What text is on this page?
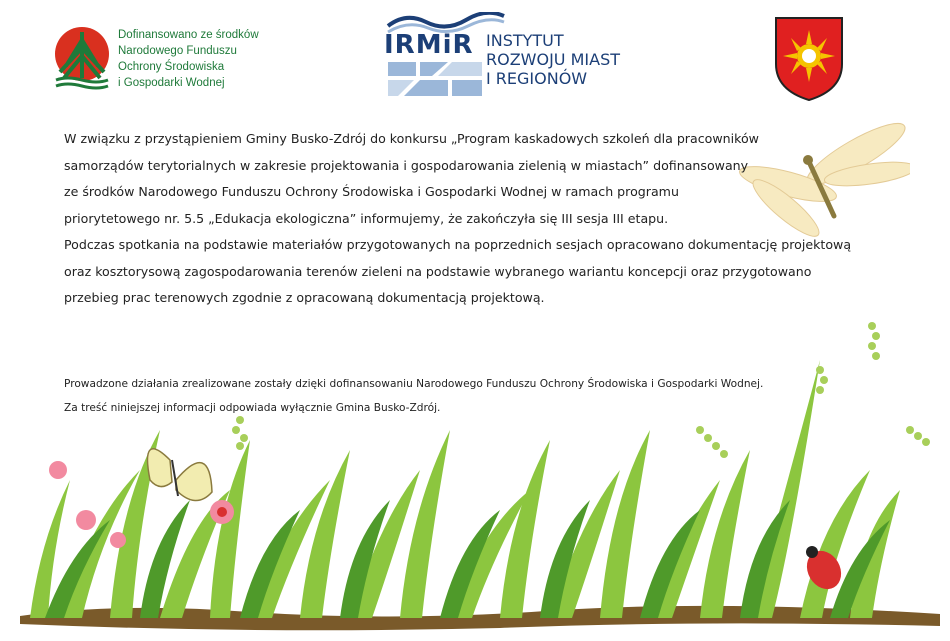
Dofinansowano ze środków
Narodowego Funduszu
Ochrony Środowiska
i Gospodarki Wodnej
IRMiR INSTYTUT
ROZWOJU MIAST
I REGIONÓW
W związku z przystąpieniem Gminy Busko-Zdrój do konkursu „Program kaskadowych szkoleń dla pracowników
samorządów terytorialnych w zakresie projektowania i gospodarowania zielenią w miastach” dofinansowany
ze środków Narodowego Funduszu Ochrony Środowiska i Gospodarki Wodnej w ramach programu
priorytetowego nr. 5.5 „Edukacja ekologiczna” informujemy, że zakończyła się III sesja III etapu.
Podczas spotkania na podstawie materiałów przygotowanych na poprzednich sesjach opracowano dokumentację projektową
oraz kosztorysową zagospodarowania terenów zieleni na podstawie wybranego wariantu koncepcji oraz przygotowano
przebieg prac terenowych zgodnie z opracowaną dokumentacją projektową.
Prowadzone działania zrealizowane zostały dzięki dofinansowaniu Narodowego Funduszu Ochrony Środowiska i Gospodarki Wodnej.
Za treść niniejszej informacji odpowiada wyłącznie Gmina Busko-Zdrój.
